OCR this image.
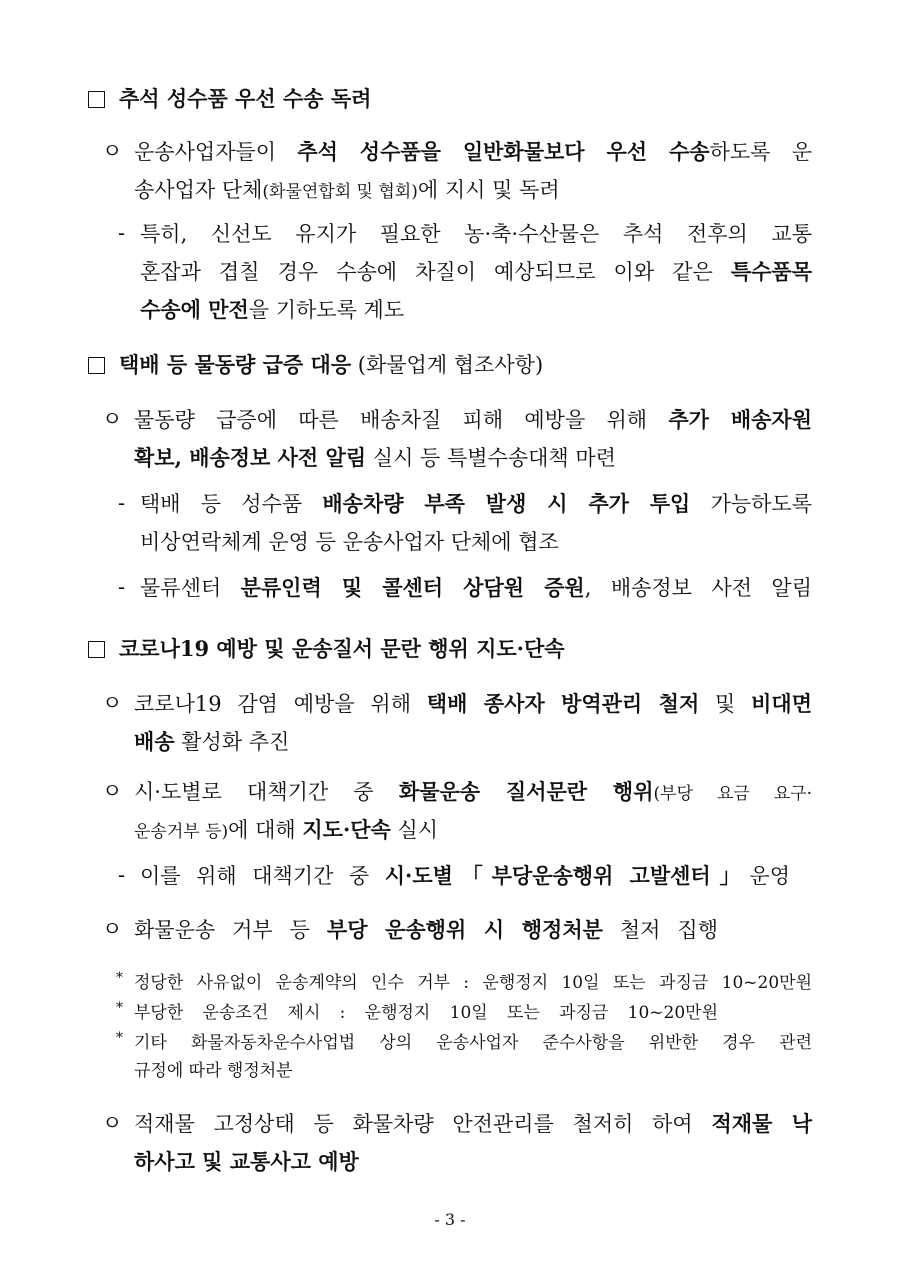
추석 성수품 우선 수송 독려
ㅇ 운송사업자들이 추석 성수품을 일반화물보다 우선 수송하도록 운
송사업자 단체(화물연합회 및 협회)에 지시 및 독려
- 특히, 신선도 유지가 필요한 농·축·수산물은 추석 전후의 교통
혼잡과 겹칠 경우 수송에 차질이 예상되므로 이와 같은 특수품목
수송에 만전을 기하도록 계도
택배 등 물동량 급증 대응 (화물업계 협조사항)
ㅇ 물동량 급증에 따른 배송차질 피해 예방을 위해 추가 배송자원
확보, 배송정보 사전 알림 실시 등 특별수송대책 마련
- 택배 등 성수품 배송차량 부족 발생 시 추가 투입 가능하도록
비상연락체계 운영 등 운송사업자 단체에 협조
- 물류센터 분류인력 및 콜센터 상담원 증원, 배송정보 사전 알림
코로나19 예방 및 운송질서 문란 행위 지도·단속
ㅇ 코로나19 감염 예방을 위해 택배 종사자 방역관리 철저 및 비대면
배송 활성화 추진
ㅇ 시·도별로 대책기간 중 화물운송 질서문란 행위(부당 요금 요구·
운송거부 등)에 대해 지도·단속 실시
- 이를 위해 대책기간 중 시·도별「부당운송행위 고발센터」운영
ㅇ 화물운송 거부 등 부당 운송행위 시 행정처분 철저 집행
* 정당한 사유없이 운송계약의 인수 거부 : 운행정지 10일 또는 과징금 10~20만원
* 부당한 운송조건 제시 : 운행정지 10일 또는 과징금 10~20만원
* 기타 화물자동차운수사업법 상의 운송사업자 준수사항을 위반한 경우 관련
규정에 따라 행정처분
ㅇ 적재물 고정상태 등 화물차량 안전관리를 철저히 하여 적재물 낙
하사고 및 교통사고 예방
- 3 -
